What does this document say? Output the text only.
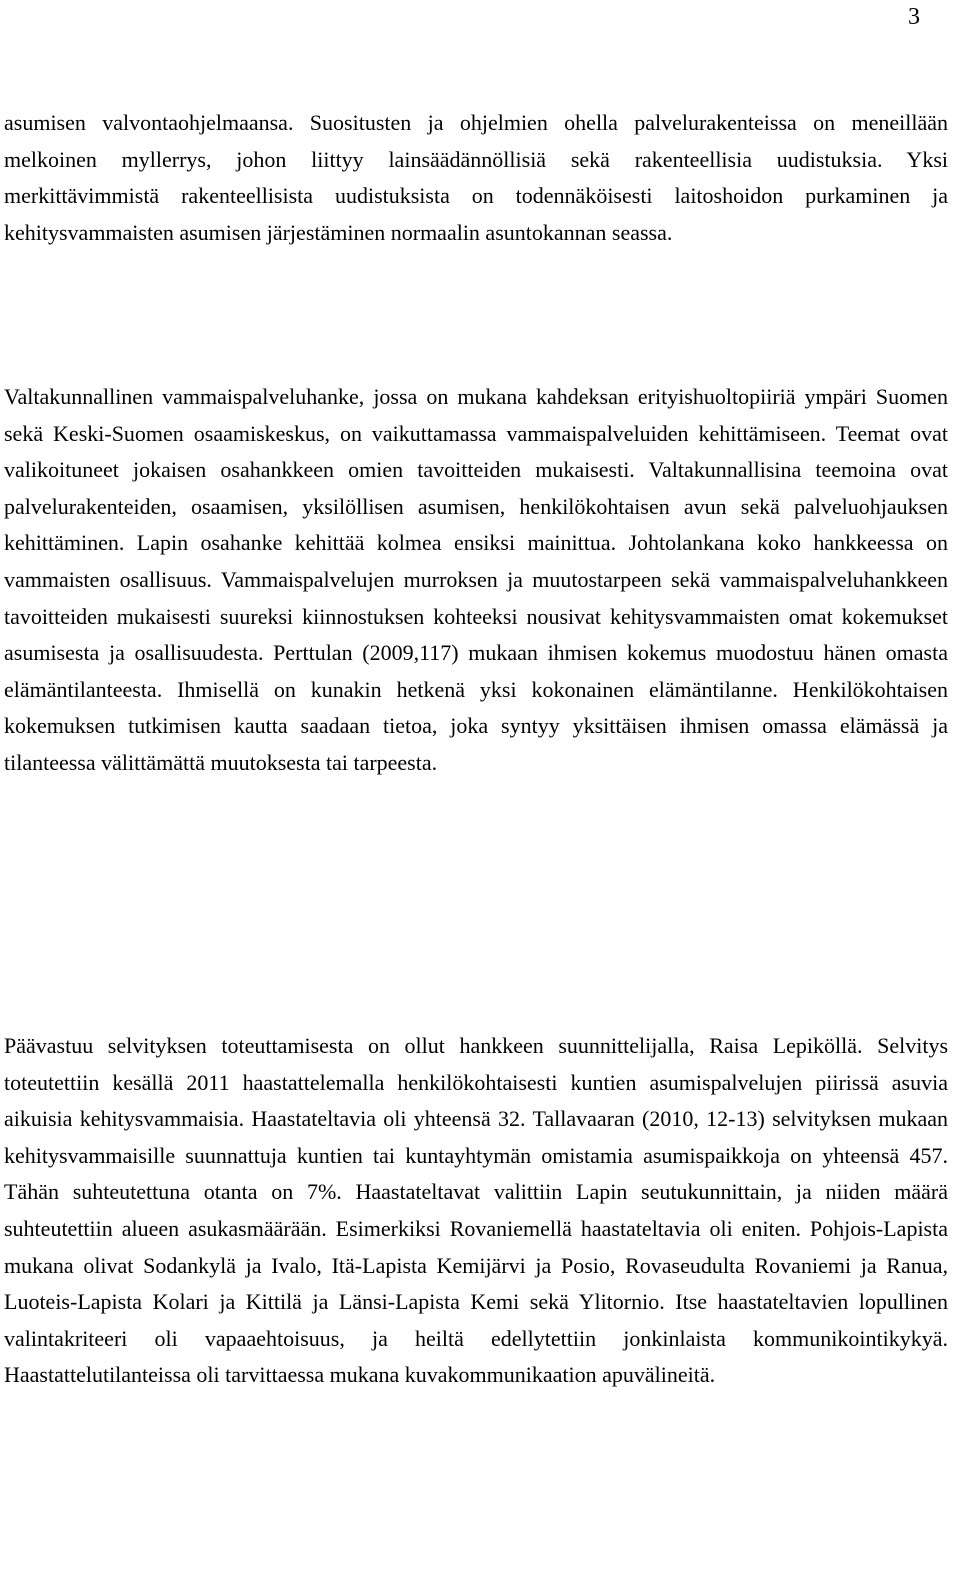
3

asumisen valvontaohjelmaansa. Suositusten ja ohjelmien ohella palvelurakenteissa on meneillään melkoinen myllerrys, johon liittyy lainsäädännöllisiä sekä rakenteellisia uudistuksia. Yksi merkittävimmistä rakenteellisista uudistuksista on todennäköisesti laitoshoidon purkaminen ja kehitysvammaisten asumisen järjestäminen normaalin asuntokannan seassa.

Valtakunnallinen vammaispalveluhanke, jossa on mukana kahdeksan erityishuoltopiiriä ympäri Suomen sekä Keski-Suomen osaamiskeskus, on vaikuttamassa vammaispalveluiden kehittämiseen. Teemat ovat valikoituneet jokaisen osahankkeen omien tavoitteiden mukaisesti. Valtakunnallisina teemoina ovat palvelurakenteiden, osaamisen, yksilöllisen asumisen, henkilökohtaisen avun sekä palveluohjauksen kehittäminen. Lapin osahanke kehittää kolmea ensiksi mainittua. Johtolankana koko hankkeessa on vammaisten osallisuus. Vammaispalvelujen murroksen ja muutostarpeen sekä vammaispalveluhankkeen tavoitteiden mukaisesti suureksi kiinnostuksen kohteeksi nousivat kehitysvammaisten omat kokemukset asumisesta ja osallisuudesta. Perttulan (2009,117) mukaan ihmisen kokemus muodostuu hänen omasta elämäntilanteesta. Ihmisellä on kunakin hetkenä yksi kokonainen elämäntilanne. Henkilökohtaisen kokemuksen tutkimisen kautta saadaan tietoa, joka syntyy yksittäisen ihmisen omassa elämässä ja tilanteessa välittämättä muutoksesta tai tarpeesta.

Päävastuu selvityksen toteuttamisesta on ollut hankkeen suunnittelijalla, Raisa Lepiköllä. Selvitys toteutettiin kesällä 2011 haastattelemalla henkilökohtaisesti kuntien asumispalvelujen piirissä asuvia aikuisia kehitysvammaisia. Haastateltavia oli yhteensä 32. Tallavaaran (2010, 12-13) selvityksen mukaan kehitysvammaisille suunnattuja kuntien tai kuntayhtymän omistamia asumispaikkoja on yhteensä 457. Tähän suhteutettuna otanta on 7%. Haastateltavat valittiin Lapin seutukunnittain, ja niiden määrä suhteutettiin alueen asukasmäärään. Esimerkiksi Rovaniemellä haastateltavia oli eniten. Pohjois-Lapista mukana olivat Sodankylä ja Ivalo, Itä-Lapista Kemijärvi ja Posio, Rovaseudulta Rovaniemi ja Ranua, Luoteis-Lapista Kolari ja Kittilä ja Länsi-Lapista Kemi sekä Ylitornio. Itse haastateltavien lopullinen valintakriteeri oli vapaaehtoisuus, ja heiltä edellytettiin jonkinlaista kommunikointikykyä. Haastattelutilanteissa oli tarvittaessa mukana kuvakommunikaation apuvälineitä.
